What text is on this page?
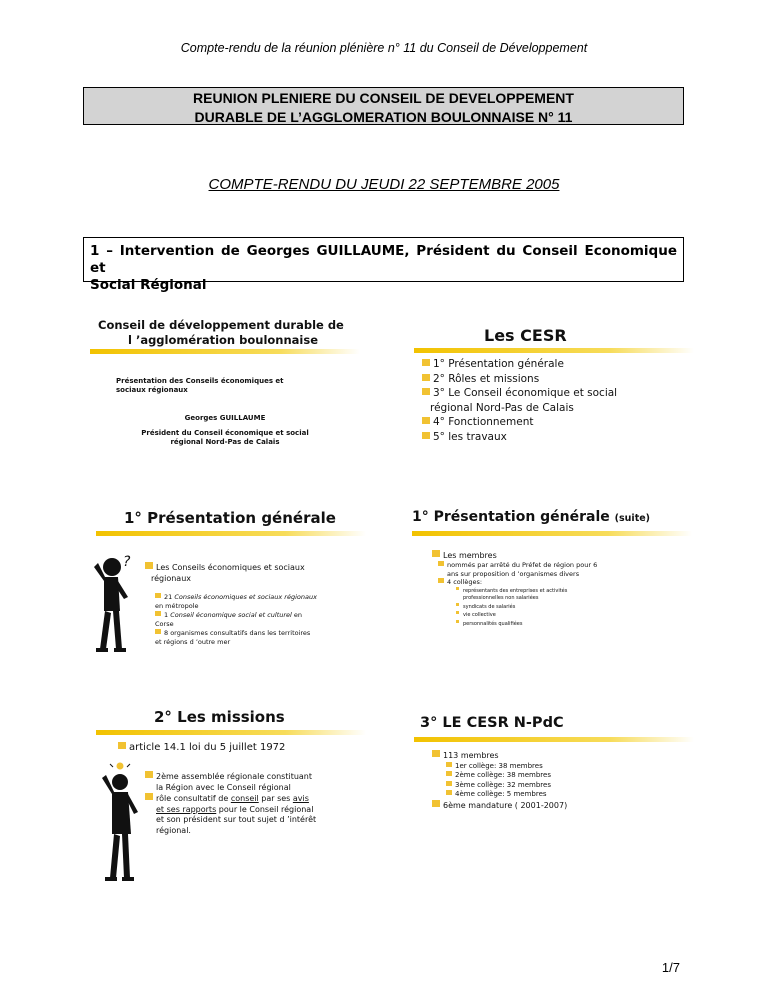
Compte-rendu de la réunion plénière n° 11 du Conseil de Développement
REUNION PLENIERE DU CONSEIL DE DEVELOPPEMENT
DURABLE DE L’AGGLOMERATION BOULONNAISE N° 11
COMPTE-RENDU DU JEUDI 22 SEPTEMBRE 2005
1 – Intervention de Georges GUILLAUME, Président du Conseil Economique et
Social Régional
Conseil de développement durable de
l ’agglomération boulonnaise
Présentation des Conseils économiques et
sociaux régionaux
Georges GUILLAUME
Président du Conseil économique et social
régional Nord-Pas de Calais
Les CESR
1° Présentation générale
2° Rôles et missions
3° Le Conseil économique et social
régional Nord-Pas de Calais
4° Fonctionnement
5° les travaux
1° Présentation générale
?	Les Conseils économiques et sociaux
régionaux
21 Conseils économiques et sociaux régionaux
en métropole
1 Conseil économique social et culturel en
Corse
8 organismes consultatifs dans les territoires
et régions d ’outre mer
1° Présentation générale (suite)
Les membres
nommés par arrêté du Préfet de région pour 6
ans sur proposition d ’organismes divers
4 collèges:
représentants des entreprises et activités
professionnelles non salariées
syndicats de salariés
vie collective
personnalités qualifiées
2° Les missions
article 14.1 loi du 5 juillet 1972
2ème assemblée régionale constituant
la Région avec le Conseil régional
rôle consultatif de conseil par ses avis
et ses rapports pour le Conseil régional
et son président sur tout sujet d ’intérêt
régional.
3° LE CESR N-PdC
113 membres
1er collège: 38 membres
2ème collège: 38 membres
3ème collège: 32 membres
4ème collège: 5 membres
6ème mandature ( 2001-2007)
1/7
